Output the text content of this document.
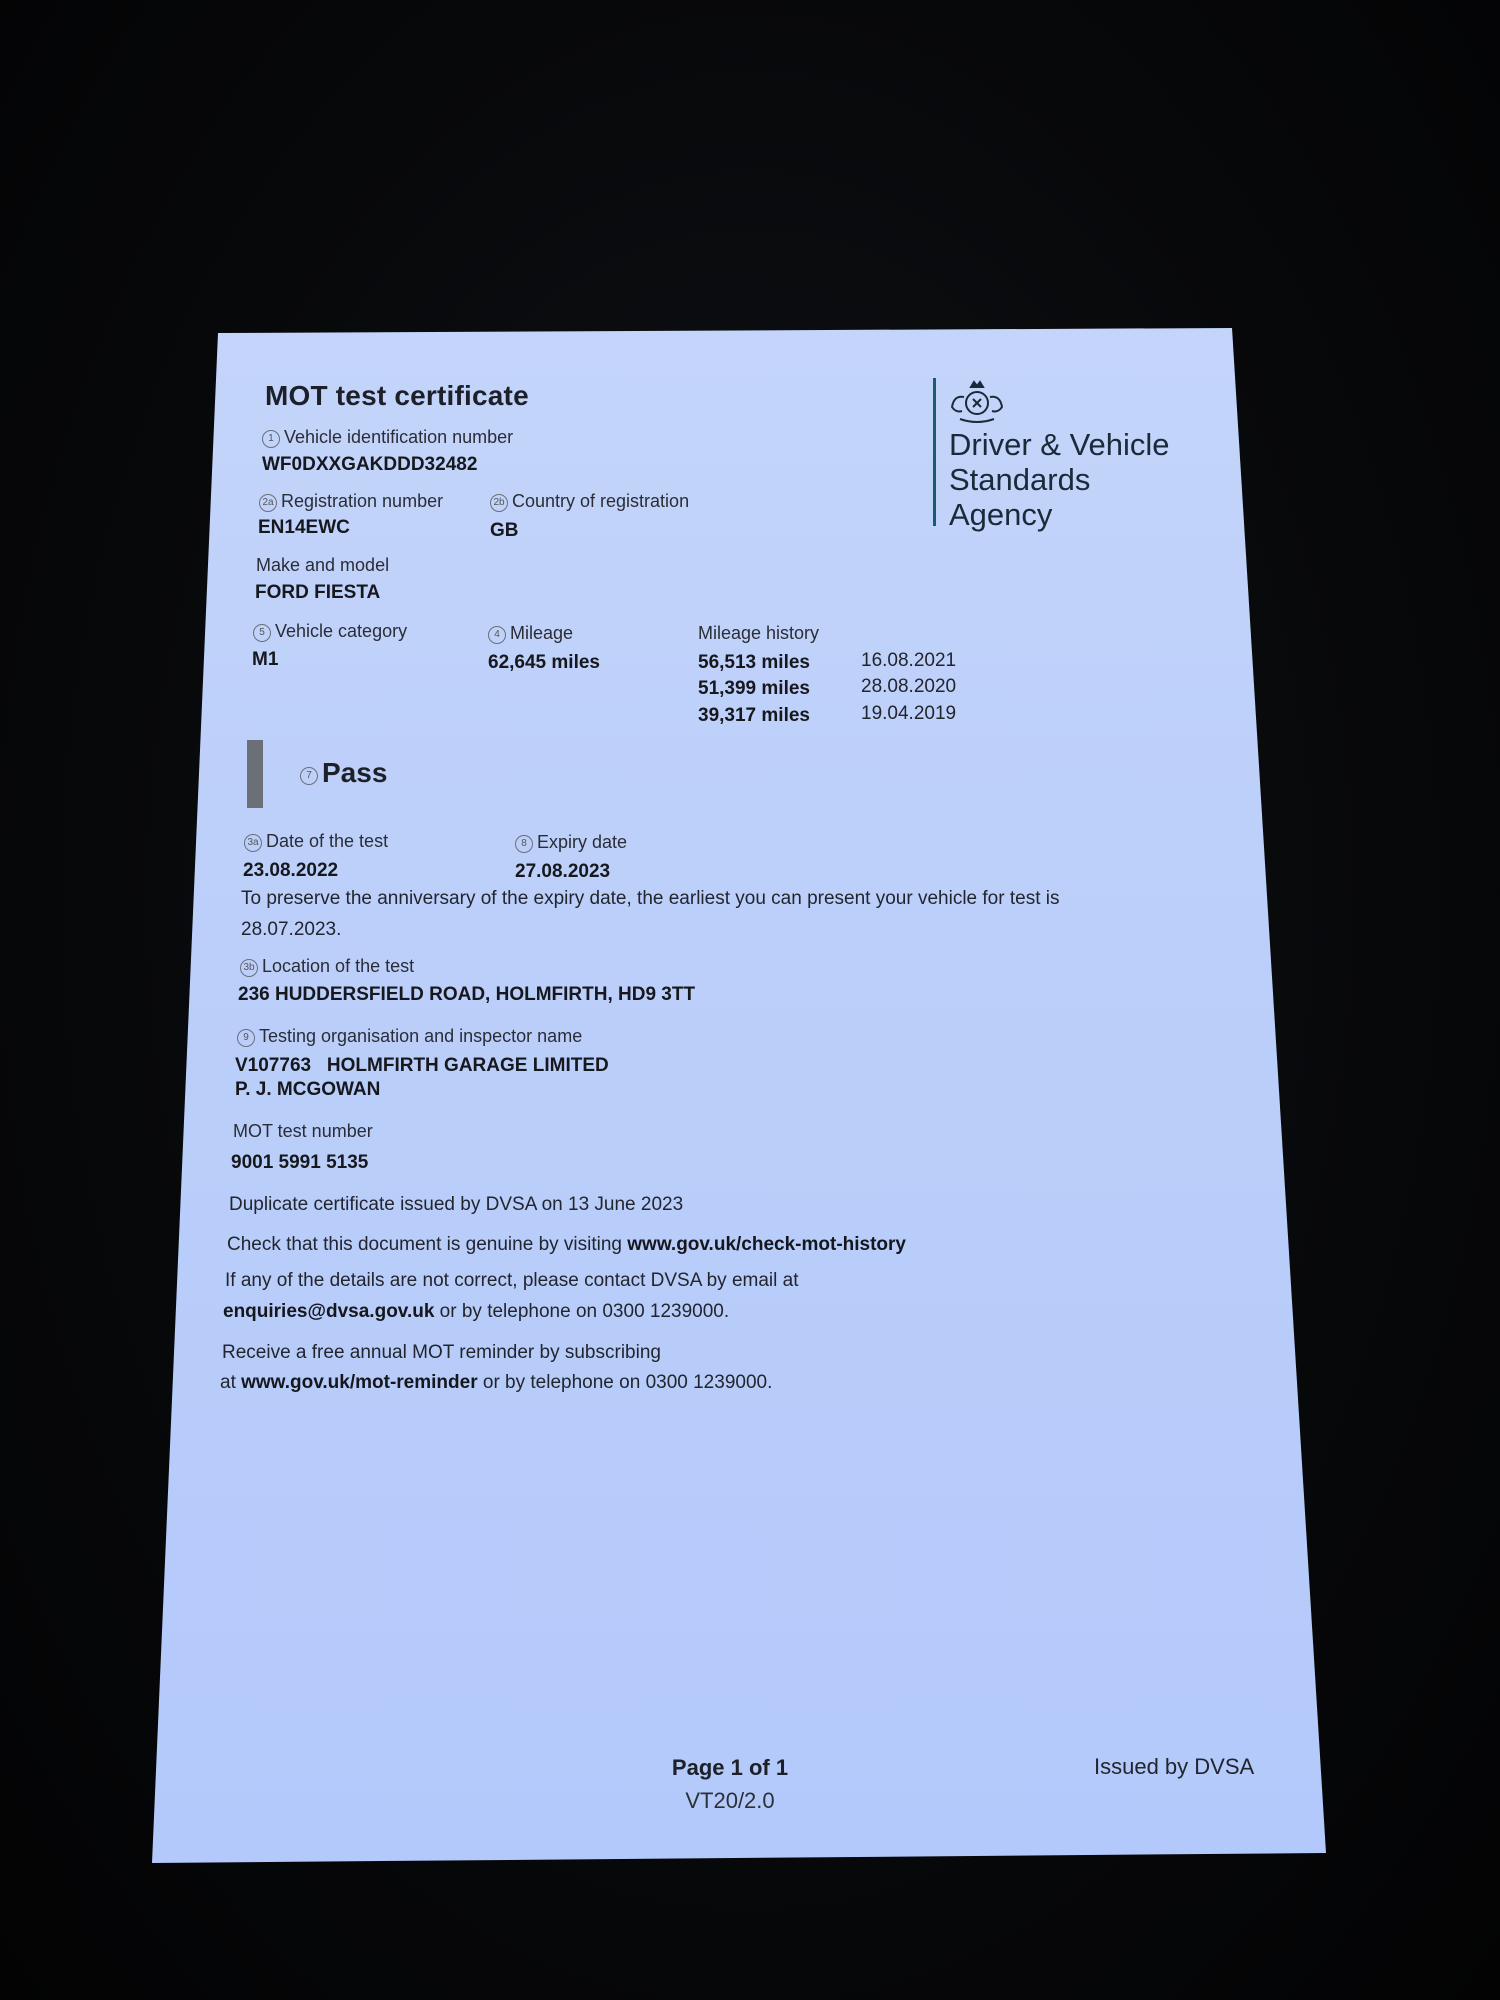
MOT test certificate
1 Vehicle identification number
WF0DXXGAKDDD32482
2a Registration number
EN14EWC
2b Country of registration
GB
Make and model
FORD FIESTA
5 Vehicle category
M1
4 Mileage
62,645 miles
Mileage history
56,513 miles	16.08.2021
51,399 miles	28.08.2020
39,317 miles	19.04.2019
7 Pass
3a Date of the test
23.08.2022
8 Expiry date
27.08.2023
To preserve the anniversary of the expiry date, the earliest you can present your vehicle for test is
28.07.2023.
3b Location of the test
236 HUDDERSFIELD ROAD, HOLMFIRTH, HD9 3TT
9 Testing organisation and inspector name
V107763   HOLMFIRTH GARAGE LIMITED
P. J. MCGOWAN
MOT test number
9001 5991 5135
Duplicate certificate issued by DVSA on 13 June 2023
Check that this document is genuine by visiting www.gov.uk/check-mot-history
If any of the details are not correct, please contact DVSA by email at
enquiries@dvsa.gov.uk or by telephone on 0300 1239000.
Receive a free annual MOT reminder by subscribing
at www.gov.uk/mot-reminder or by telephone on 0300 1239000.
Driver & Vehicle
Standards
Agency
Page 1 of 1
VT20/2.0
Issued by DVSA
